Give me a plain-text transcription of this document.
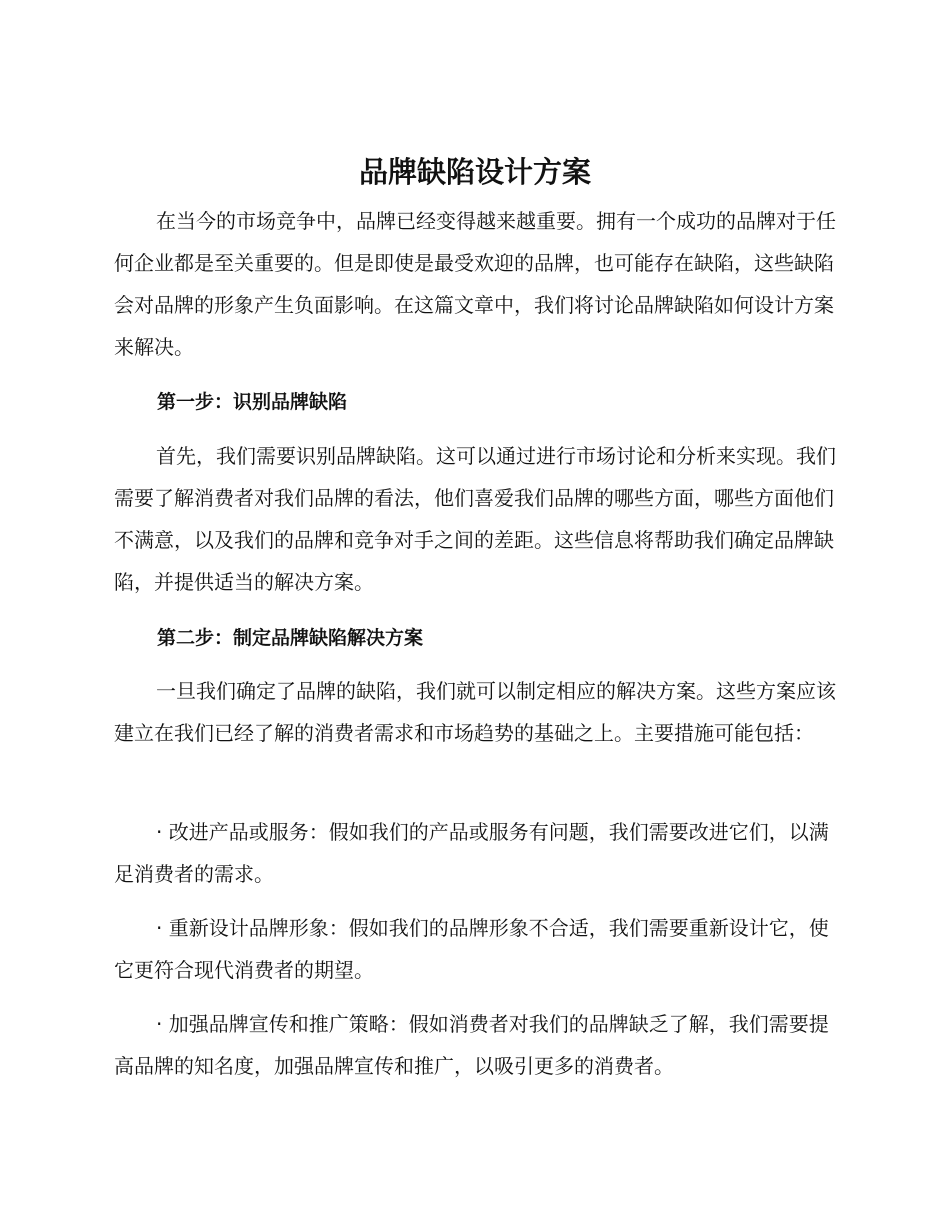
品牌缺陷设计方案

在当今的市场竞争中，品牌已经变得越来越重要。拥有一个成功的品牌对于任何企业都是至关重要的。但是即使是最受欢迎的品牌，也可能存在缺陷，这些缺陷会对品牌的形象产生负面影响。在这篇文章中，我们将讨论品牌缺陷如何设计方案来解决。

第一步：识别品牌缺陷

首先，我们需要识别品牌缺陷。这可以通过进行市场讨论和分析来实现。我们需要了解消费者对我们品牌的看法，他们喜爱我们品牌的哪些方面，哪些方面他们不满意，以及我们的品牌和竞争对手之间的差距。这些信息将帮助我们确定品牌缺陷，并提供适当的解决方案。

第二步：制定品牌缺陷解决方案

一旦我们确定了品牌的缺陷，我们就可以制定相应的解决方案。这些方案应该建立在我们已经了解的消费者需求和市场趋势的基础之上。主要措施可能包括：

· 改进产品或服务：假如我们的产品或服务有问题，我们需要改进它们，以满足消费者的需求。

· 重新设计品牌形象：假如我们的品牌形象不合适，我们需要重新设计它，使它更符合现代消费者的期望。

· 加强品牌宣传和推广策略：假如消费者对我们的品牌缺乏了解，我们需要提高品牌的知名度，加强品牌宣传和推广，以吸引更多的消费者。
